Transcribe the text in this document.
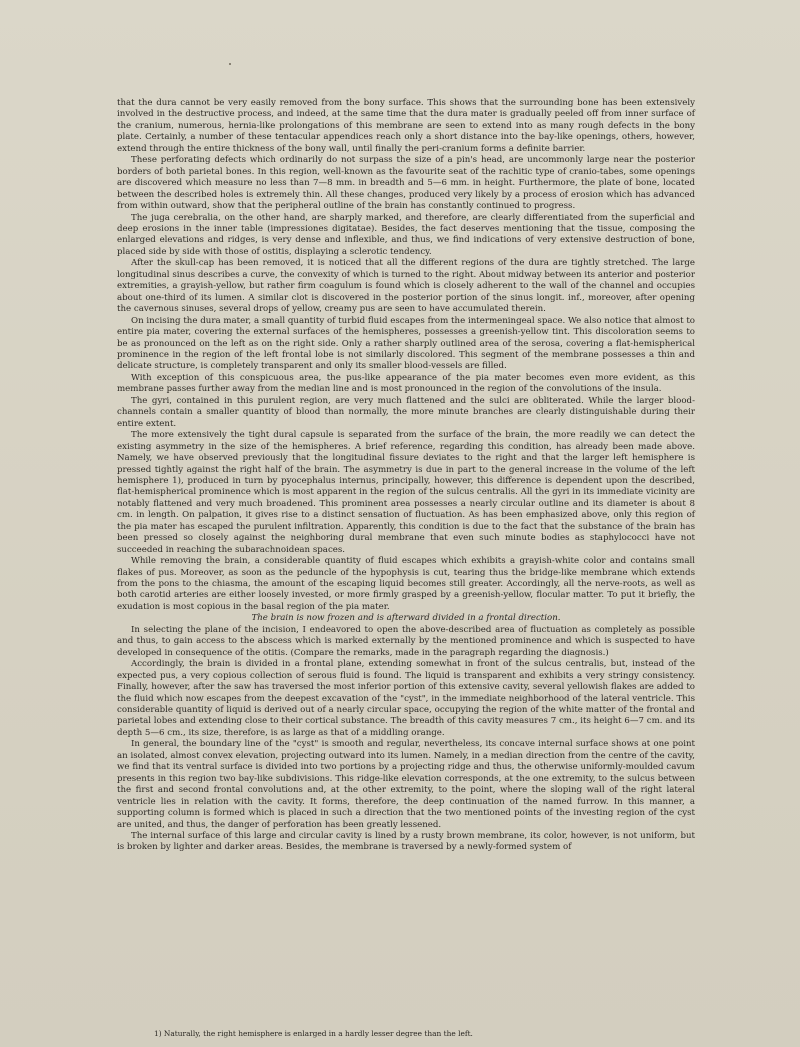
that the dura cannot be very easily removed from the bony surface. This shows that the surrounding bone has been extensively involved in the destructive process, and indeed, at the same time that the dura mater is gradually peeled off from inner surface of the cranium, numerous, hernia-like prolongations of this membrane are seen to extend into as many rough defects in the bony plate. Certainly, a number of these tentacular appendices reach only a short distance into the bay-like openings, others, however, extend through the entire thickness of the bony wall, until finally the peri-cranium forms a definite barrier.

These perforating defects which ordinarily do not surpass the size of a pin's head, are uncommonly large near the posterior borders of both parietal bones. In this region, well-known as the favourite seat of the rachitic type of cranio-tabes, some openings are discovered which measure no less than 7—8 mm. in breadth and 5—6 mm. in height. Furthermore, the plate of bone, located between the described holes is extremely thin. All these changes, produced very likely by a process of erosion which has advanced from within outward, show that the peripheral outline of the brain has constantly continued to progress.

The juga cerebralia, on the other hand, are sharply marked, and therefore, are clearly differentiated from the superficial and deep erosions in the inner table (impressiones digitatae). Besides, the fact deserves mentioning that the tissue, composing the enlarged elevations and ridges, is very dense and inflexible, and thus, we find indications of very extensive destruction of bone, placed side by side with those of ostitis, displaying a sclerotic tendency.

After the skull-cap has been removed, it is noticed that all the different regions of the dura are tightly stretched. The large longitudinal sinus describes a curve, the convexity of which is turned to the right. About midway between its anterior and posterior extremities, a grayish-yellow, but rather firm coagulum is found which is closely adherent to the wall of the channel and occupies about one-third of its lumen. A similar clot is discovered in the posterior portion of the sinus longit. inf., moreover, after opening the cavernous sinuses, several drops of yellow, creamy pus are seen to have accumulated therein.

On incising the dura mater, a small quantity of turbid fluid escapes from the intermeningeal space. We also notice that almost to entire pia mater, covering the external surfaces of the hemispheres, possesses a greenish-yellow tint. This discoloration seems to be as pronounced on the left as on the right side. Only a rather sharply outlined area of the serosa, covering a flat-hemispherical prominence in the region of the left frontal lobe is not similarly discolored. This segment of the membrane possesses a thin and delicate structure, is completely transparent and only its smaller blood-vessels are filled.

With exception of this conspicuous area, the pus-like appearance of the pia mater becomes even more evident, as this membrane passes further away from the median line and is most pronounced in the region of the convolutions of the insula.

The gyri, contained in this purulent region, are very much flattened and the sulci are obliterated. While the larger blood-channels contain a smaller quantity of blood than normally, the more minute branches are clearly distinguishable during their entire extent.

The more extensively the tight dural capsule is separated from the surface of the brain, the more readily we can detect the existing asymmetry in the size of the hemispheres. A brief reference, regarding this condition, has already been made above. Namely, we have observed previously that the longitudinal fissure deviates to the right and that the larger left hemisphere is pressed tightly against the right half of the brain. The asymmetry is due in part to the general increase in the volume of the left hemisphere 1), produced in turn by pyocephalus internus, principally, however, this difference is dependent upon the described, flat-hemispherical prominence which is most apparent in the region of the sulcus centralis. All the gyri in its immediate vicinity are notably flattened and very much broadened. This prominent area possesses a nearly circular outline and its diameter is about 8 cm. in length. On palpation, it gives rise to a distinct sensation of fluctuation. As has been emphasized above, only this region of the pia mater has escaped the purulent infiltration. Apparently, this condition is due to the fact that the substance of the brain has been pressed so closely against the neighboring dural membrane that even such minute bodies as staphylococci have not succeeded in reaching the subarachnoidean spaces.

While removing the brain, a considerable quantity of fluid escapes which exhibits a grayish-white color and contains small flakes of pus. Moreover, as soon as the peduncle of the hypophysis is cut, tearing thus the bridge-like membrane which extends from the pons to the chiasma, the amount of the escaping liquid becomes still greater. Accordingly, all the nerve-roots, as well as both carotid arteries are either loosely invested, or more firmly grasped by a greenish-yellow, flocular matter. To put it briefly, the exudation is most copious in the basal region of the pia mater.

The brain is now frozen and is afterward divided in a frontal direction.

In selecting the plane of the incision, I endeavored to open the above-described area of fluctuation as completely as possible and thus, to gain access to the abscess which is marked externally by the mentioned prominence and which is suspected to have developed in consequence of the otitis. (Compare the remarks, made in the paragraph regarding the diagnosis.)

Accordingly, the brain is divided in a frontal plane, extending somewhat in front of the sulcus centralis, but, instead of the expected pus, a very copious collection of serous fluid is found. The liquid is transparent and exhibits a very stringy consistency. Finally, however, after the saw has traversed the most inferior portion of this extensive cavity, several yellowish flakes are added to the fluid which now escapes from the deepest excavation of the "cyst", in the immediate neighborhood of the lateral ventricle. This considerable quantity of liquid is derived out of a nearly circular space, occupying the region of the white matter of the frontal and parietal lobes and extending close to their cortical substance. The breadth of this cavity measures 7 cm., its height 6—7 cm. and its depth 5—6 cm., its size, therefore, is as large as that of a middling orange.

In general, the boundary line of the "cyst" is smooth and regular, nevertheless, its concave internal surface shows at one point an isolated, almost convex elevation, projecting outward into its lumen. Namely, in a median direction from the centre of the cavity, we find that its ventral surface is divided into two portions by a projecting ridge and thus, the otherwise uniformly-moulded cavum presents in this region two bay-like subdivisions. This ridge-like elevation corresponds, at the one extremity, to the sulcus between the first and second frontal convolutions and, at the other extremity, to the point, where the sloping wall of the right lateral ventricle lies in relation with the cavity. It forms, therefore, the deep continuation of the named furrow. In this manner, a supporting column is formed which is placed in such a direction that the two mentioned points of the investing region of the cyst are united, and thus, the danger of perforation has been greatly lessened.

The internal surface of this large and circular cavity is lined by a rusty brown membrane, its color, however, is not uniform, but is broken by lighter and darker areas. Besides, the membrane is traversed by a newly-formed system of

1) Naturally, the right hemisphere is enlarged in a hardly lesser degree than the left.
